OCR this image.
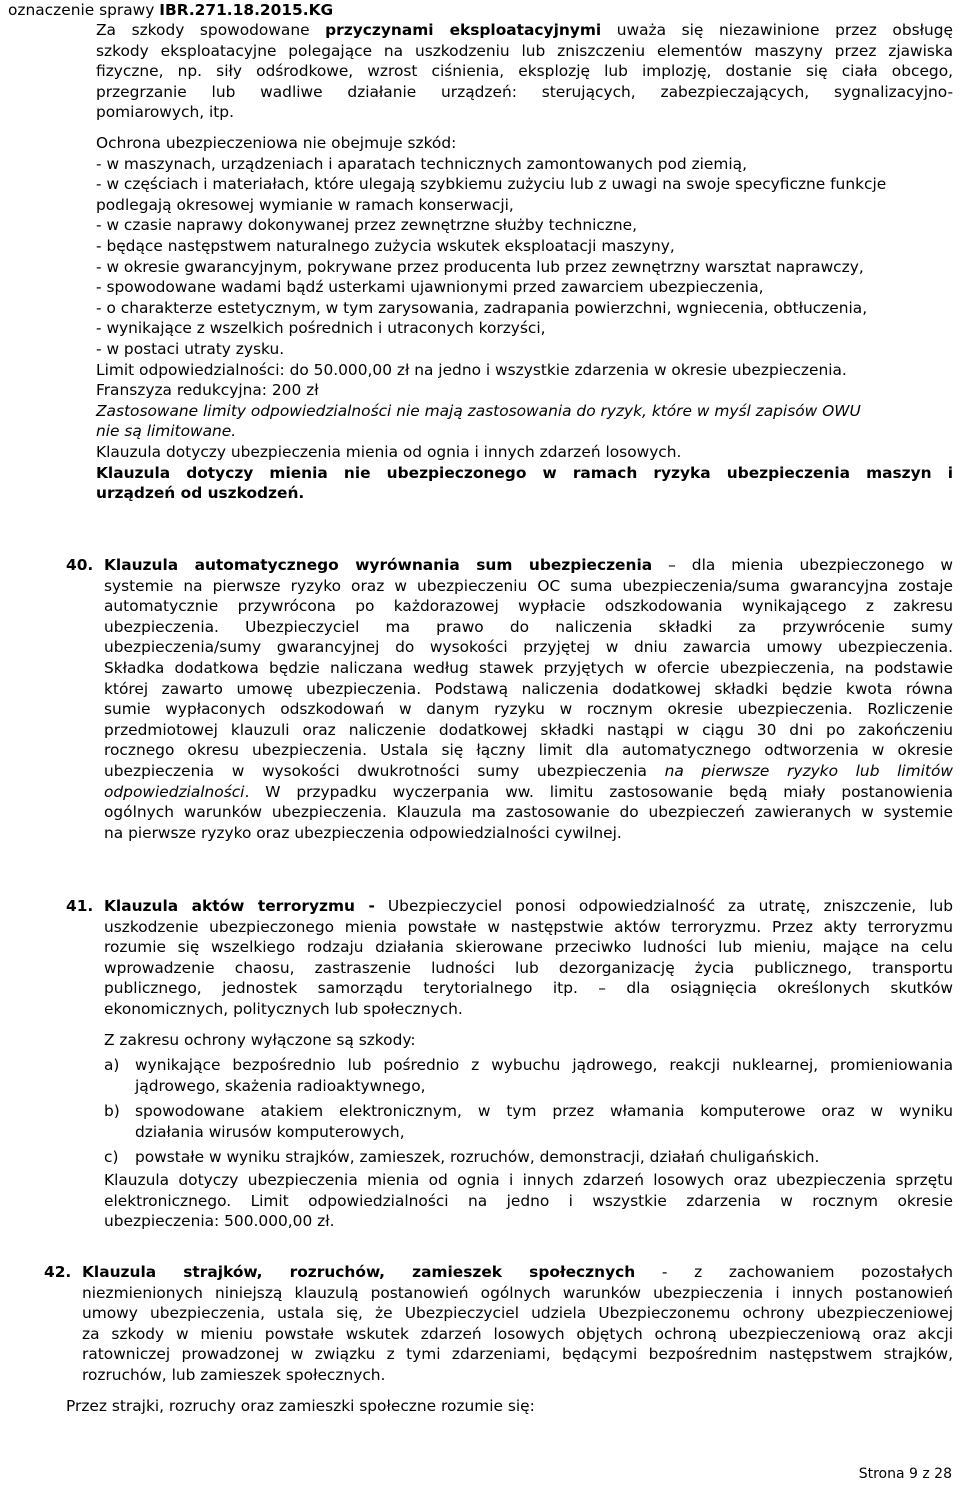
oznaczenie sprawy IBR.271.18.2015.KG
Za szkody spowodowane przyczynami eksploatacyjnymi uważa się niezawinione przez obsługę
szkody eksploatacyjne polegające na uszkodzeniu lub zniszczeniu elementów maszyny przez zjawiska
fizyczne, np. siły odśrodkowe, wzrost ciśnienia, eksplozję lub implozję, dostanie się ciała obcego,
przegrzanie lub wadliwe działanie urządzeń: sterujących, zabezpieczających, sygnalizacyjno-
pomiarowych, itp.
Ochrona ubezpieczeniowa nie obejmuje szkód:
- w maszynach, urządzeniach i aparatach technicznych zamontowanych pod ziemią,
- w częściach i materiałach, które ulegają szybkiemu zużyciu lub z uwagi na swoje specyficzne funkcje
podlegają okresowej wymianie w ramach konserwacji,
- w czasie naprawy dokonywanej przez zewnętrzne służby techniczne,
- będące następstwem naturalnego zużycia wskutek eksploatacji maszyny,
- w okresie gwarancyjnym, pokrywane przez producenta lub przez zewnętrzny warsztat naprawczy,
- spowodowane wadami bądź usterkami ujawnionymi przed zawarciem ubezpieczenia,
- o charakterze estetycznym, w tym zarysowania, zadrapania powierzchni, wgniecenia, obtłuczenia,
- wynikające z wszelkich pośrednich i utraconych korzyści,
- w postaci utraty zysku.
Limit odpowiedzialności: do 50.000,00 zł na jedno i wszystkie zdarzenia w okresie ubezpieczenia.
Franszyza redukcyjna: 200 zł
Zastosowane limity odpowiedzialności nie mają zastosowania do ryzyk, które w myśl zapisów OWU
nie są limitowane.
Klauzula dotyczy ubezpieczenia mienia od ognia i innych zdarzeń losowych.
Klauzula dotyczy mienia nie ubezpieczonego w ramach ryzyka ubezpieczenia maszyn i
urządzeń od uszkodzeń.
40. Klauzula automatycznego wyrównania sum ubezpieczenia – dla mienia ubezpieczonego w
systemie na pierwsze ryzyko oraz w ubezpieczeniu OC suma ubezpieczenia/suma gwarancyjna zostaje
automatycznie przywrócona po każdorazowej wypłacie odszkodowania wynikającego z zakresu
ubezpieczenia. Ubezpieczyciel ma prawo do naliczenia składki za przywrócenie sumy
ubezpieczenia/sumy gwarancyjnej do wysokości przyjętej w dniu zawarcia umowy ubezpieczenia.
Składka dodatkowa będzie naliczana według stawek przyjętych w ofercie ubezpieczenia, na podstawie
której zawarto umowę ubezpieczenia. Podstawą naliczenia dodatkowej składki będzie kwota równa
sumie wypłaconych odszkodowań w danym ryzyku w rocznym okresie ubezpieczenia. Rozliczenie
przedmiotowej klauzuli oraz naliczenie dodatkowej składki nastąpi w ciągu 30 dni po zakończeniu
rocznego okresu ubezpieczenia. Ustala się łączny limit dla automatycznego odtworzenia w okresie
ubezpieczenia w wysokości dwukrotności sumy ubezpieczenia na pierwsze ryzyko lub limitów
odpowiedzialności. W przypadku wyczerpania ww. limitu zastosowanie będą miały postanowienia
ogólnych warunków ubezpieczenia. Klauzula ma zastosowanie do ubezpieczeń zawieranych w systemie
na pierwsze ryzyko oraz ubezpieczenia odpowiedzialności cywilnej.
41. Klauzula aktów terroryzmu - Ubezpieczyciel ponosi odpowiedzialność za utratę, zniszczenie, lub
uszkodzenie ubezpieczonego mienia powstałe w następstwie aktów terroryzmu. Przez akty terroryzmu
rozumie się wszelkiego rodzaju działania skierowane przeciwko ludności lub mieniu, mające na celu
wprowadzenie chaosu, zastraszenie ludności lub dezorganizację życia publicznego, transportu
publicznego, jednostek samorządu terytorialnego itp. – dla osiągnięcia określonych skutków
ekonomicznych, politycznych lub społecznych.
Z zakresu ochrony wyłączone są szkody:
a) wynikające bezpośrednio lub pośrednio z wybuchu jądrowego, reakcji nuklearnej, promieniowania
jądrowego, skażenia radioaktywnego,
b) spowodowane atakiem elektronicznym, w tym przez włamania komputerowe oraz w wyniku
działania wirusów komputerowych,
c) powstałe w wyniku strajków, zamieszek, rozruchów, demonstracji, działań chuligańskich.
Klauzula dotyczy ubezpieczenia mienia od ognia i innych zdarzeń losowych oraz ubezpieczenia sprzętu
elektronicznego. Limit odpowiedzialności na jedno i wszystkie zdarzenia w rocznym okresie
ubezpieczenia: 500.000,00 zł.
42. Klauzula strajków, rozruchów, zamieszek społecznych - z zachowaniem pozostałych
niezmienionych niniejszą klauzulą postanowień ogólnych warunków ubezpieczenia i innych postanowień
umowy ubezpieczenia, ustala się, że Ubezpieczyciel udziela Ubezpieczonemu ochrony ubezpieczeniowej
za szkody w mieniu powstałe wskutek zdarzeń losowych objętych ochroną ubezpieczeniową oraz akcji
ratowniczej prowadzonej w związku z tymi zdarzeniami, będącymi bezpośrednim następstwem strajków,
rozruchów, lub zamieszek społecznych.
Przez strajki, rozruchy oraz zamieszki społeczne rozumie się:
Strona 9 z 28
